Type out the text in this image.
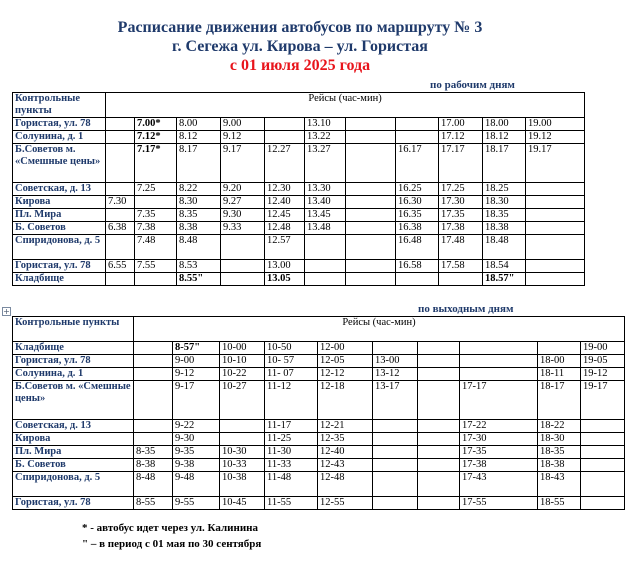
Расписание движения автобусов по маршруту № 3
г. Сегежа ул. Кирова – ул. Гористая
с 01 июля 2025 года
по рабочим дням
Контрольные пункты	Рейсы (час-мин)										
Гористая, ул. 78		7.00*	8.00	9.00		13.10			17.00	18.00	19.00
Солунина, д. 1		7.12*	8.12	9.12		13.22			17.12	18.12	19.12
Б.Советов м. «Смешные цены»		7.17*	8.17	9.17	12.27	13.27		16.17	17.17	18.17	19.17
Советская, д. 13		7.25	8.22	9.20	12.30	13.30		16.25	17.25	18.25	
Кирова	7.30		8.30	9.27	12.40	13.40		16.30	17.30	18.30	
Пл. Мира		7.35	8.35	9.30	12.45	13.45		16.35	17.35	18.35	
Б. Советов	6.38	7.38	8.38	9.33	12.48	13.48		16.38	17.38	18.38	
Спиридонова, д. 5		7.48	8.48		12.57			16.48	17.48	18.48	
Гористая, ул. 78	6.55	7.55	8.53		13.00			16.58	17.58	18.54	
Кладбище			8.55"		13.05					18.57"	
+	по выходным дням
Контрольные пункты	Рейсы (час-мин)									
Кладбище		8-57"	10-00	10-50	12-00					19-00
Гористая, ул. 78		9-00	10-10	10- 57	12-05	13-00			18-00	19-05
Солунина, д. 1		9-12	10-22	11- 07	12-12	13-12			18-11	19-12
Б.Советов м. «Смешные цены»		9-17	10-27	11-12	12-18	13-17		17-17	18-17	19-17
Советская, д. 13		9-22		11-17	12-21			17-22	18-22	
Кирова		9-30		11-25	12-35			17-30	18-30	
Пл. Мира	8-35	9-35	10-30	11-30	12-40			17-35	18-35	
Б. Советов	8-38	9-38	10-33	11-33	12-43			17-38	18-38	
Спиридонова, д. 5	8-48	9-48	10-38	11-48	12-48			17-43	18-43	
Гористая, ул. 78	8-55	9-55	10-45	11-55	12-55			17-55	18-55	
* - автобус идет через ул. Калинина
" – в период с 01 мая по 30 сентября
